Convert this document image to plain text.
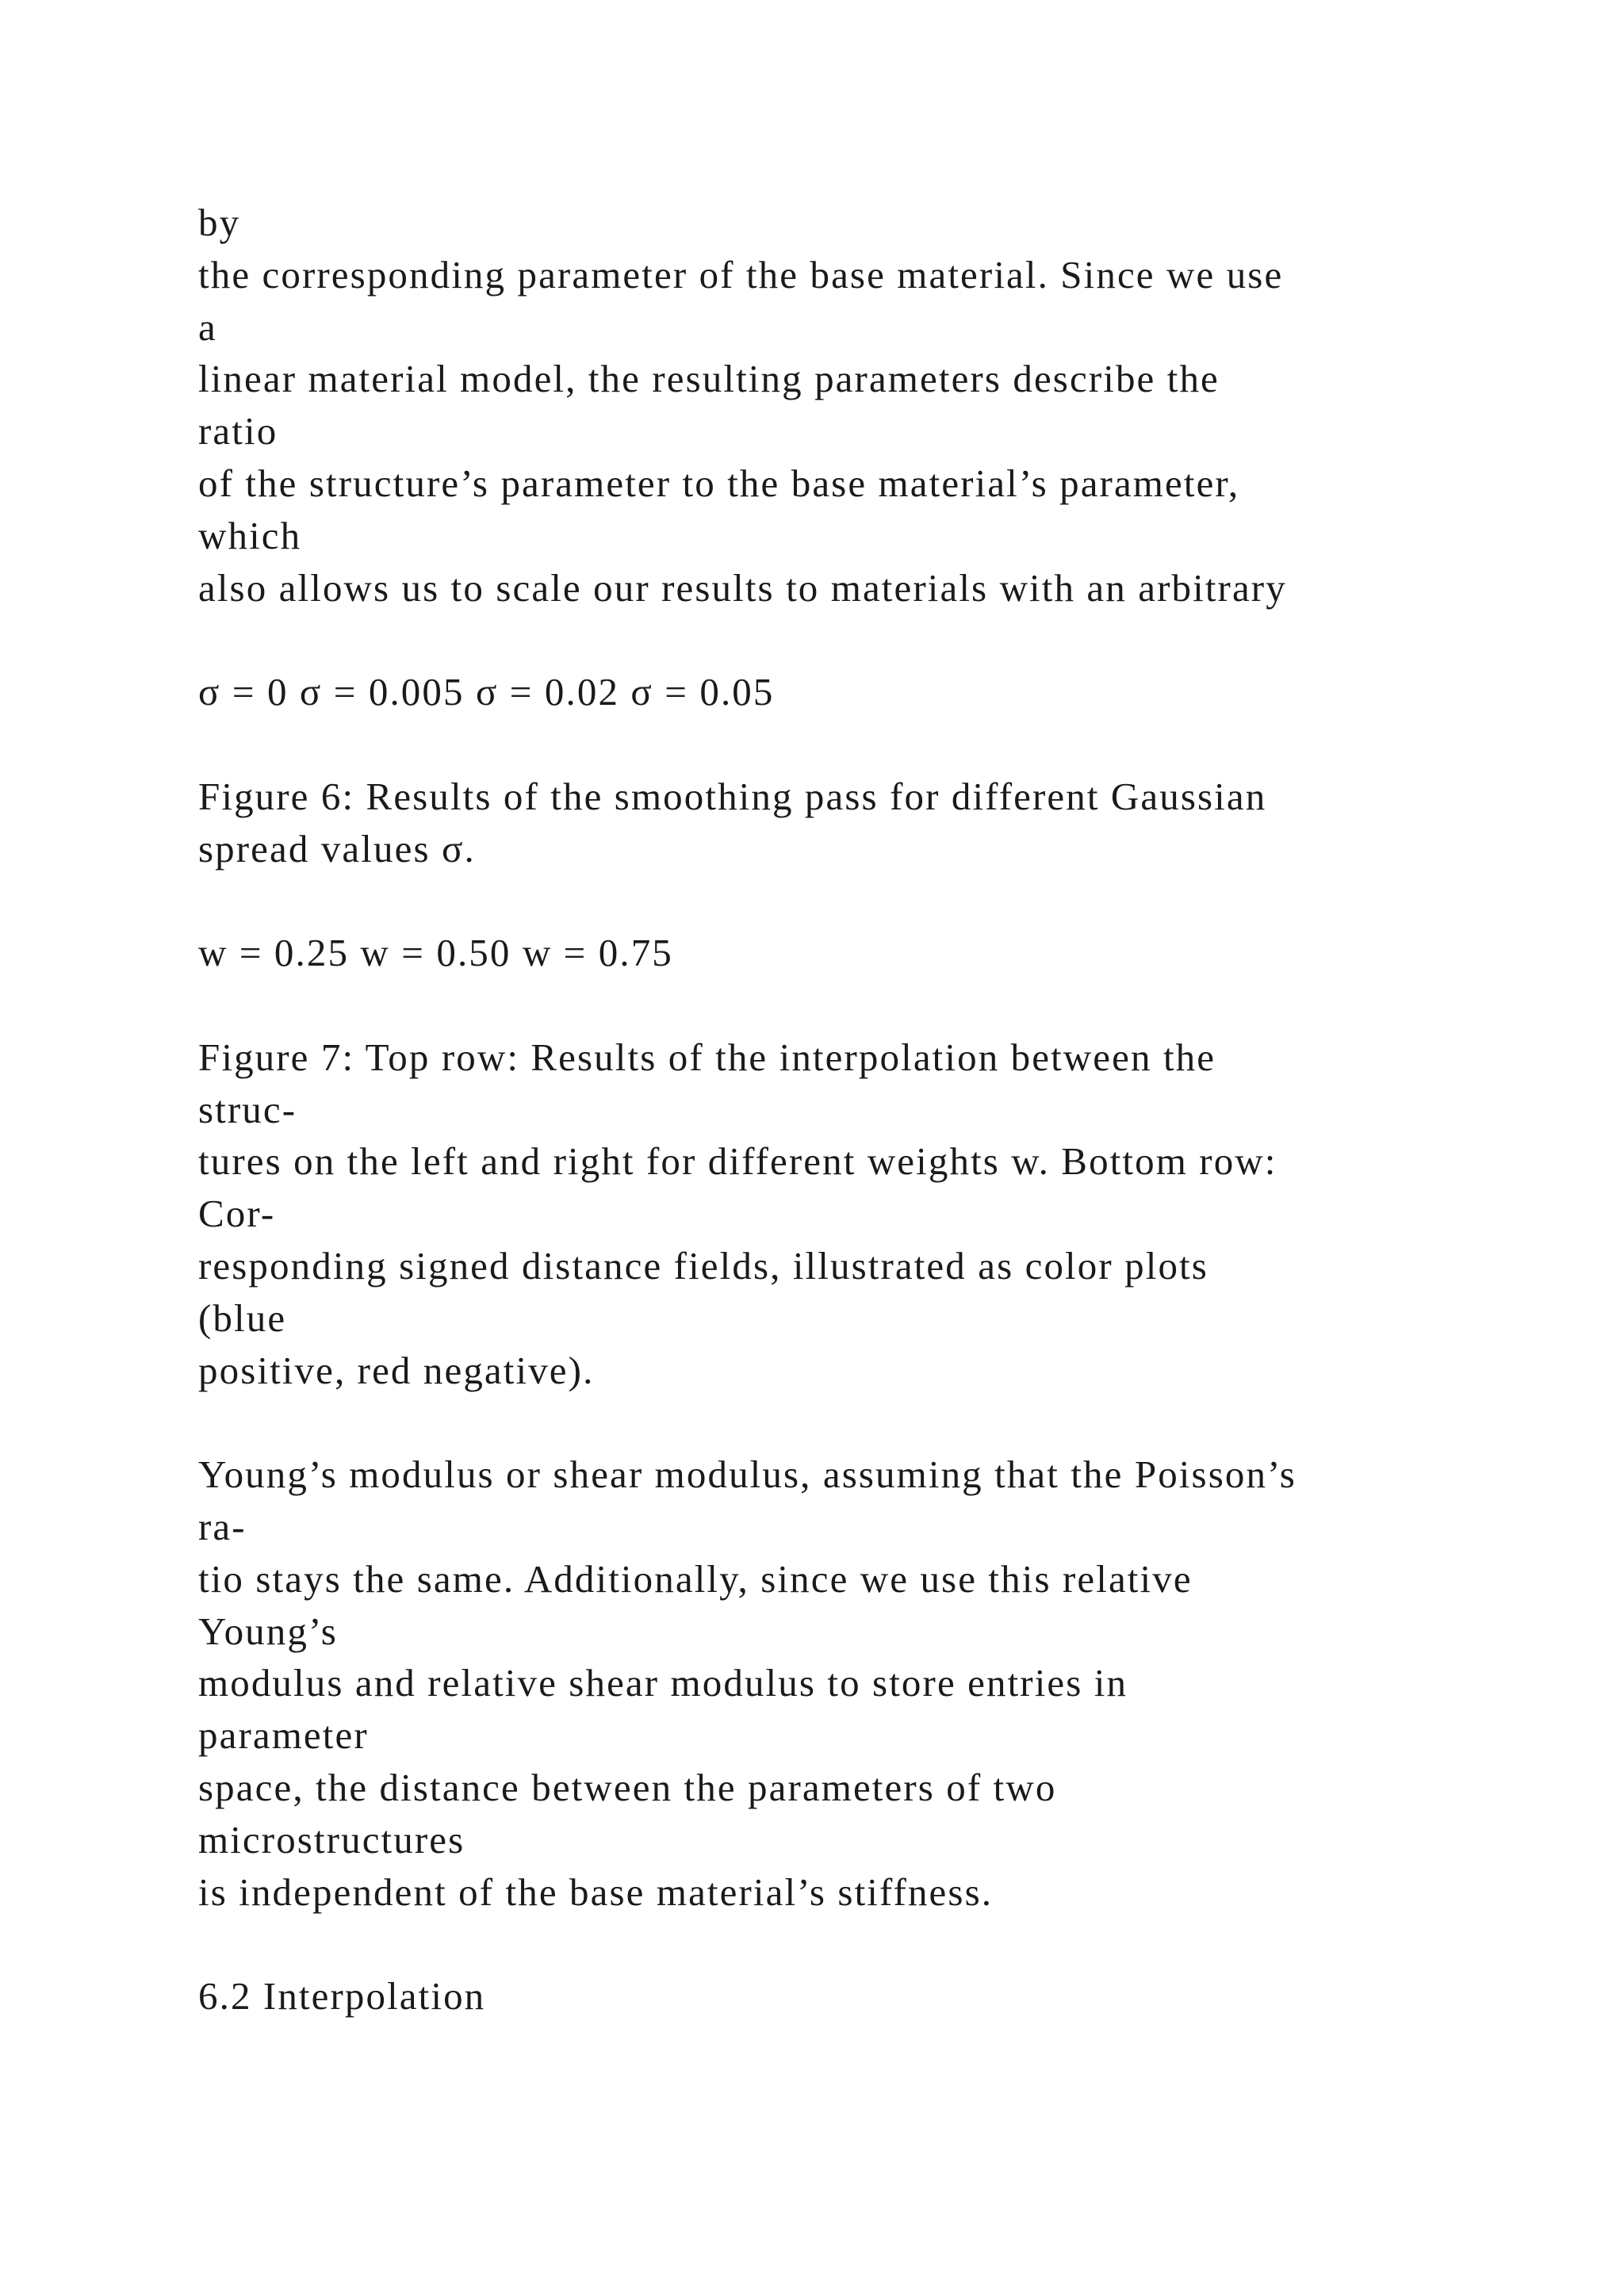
by
the corresponding parameter of the base material. Since we use
a
linear material model, the resulting parameters describe the
ratio
of the structure’s parameter to the base material’s parameter,
which
also allows us to scale our results to materials with an arbitrary
σ = 0 σ = 0.005 σ = 0.02 σ = 0.05
Figure 6: Results of the smoothing pass for different Gaussian
spread values σ.
w = 0.25 w = 0.50 w = 0.75
Figure 7: Top row: Results of the interpolation between the
struc-
tures on the left and right for different weights w. Bottom row:
Cor-
responding signed distance fields, illustrated as color plots
(blue
positive, red negative).
Young’s modulus or shear modulus, assuming that the Poisson’s
ra-
tio stays the same. Additionally, since we use this relative
Young’s
modulus and relative shear modulus to store entries in
parameter
space, the distance between the parameters of two
microstructures
is independent of the base material’s stiffness.
6.2 Interpolation
